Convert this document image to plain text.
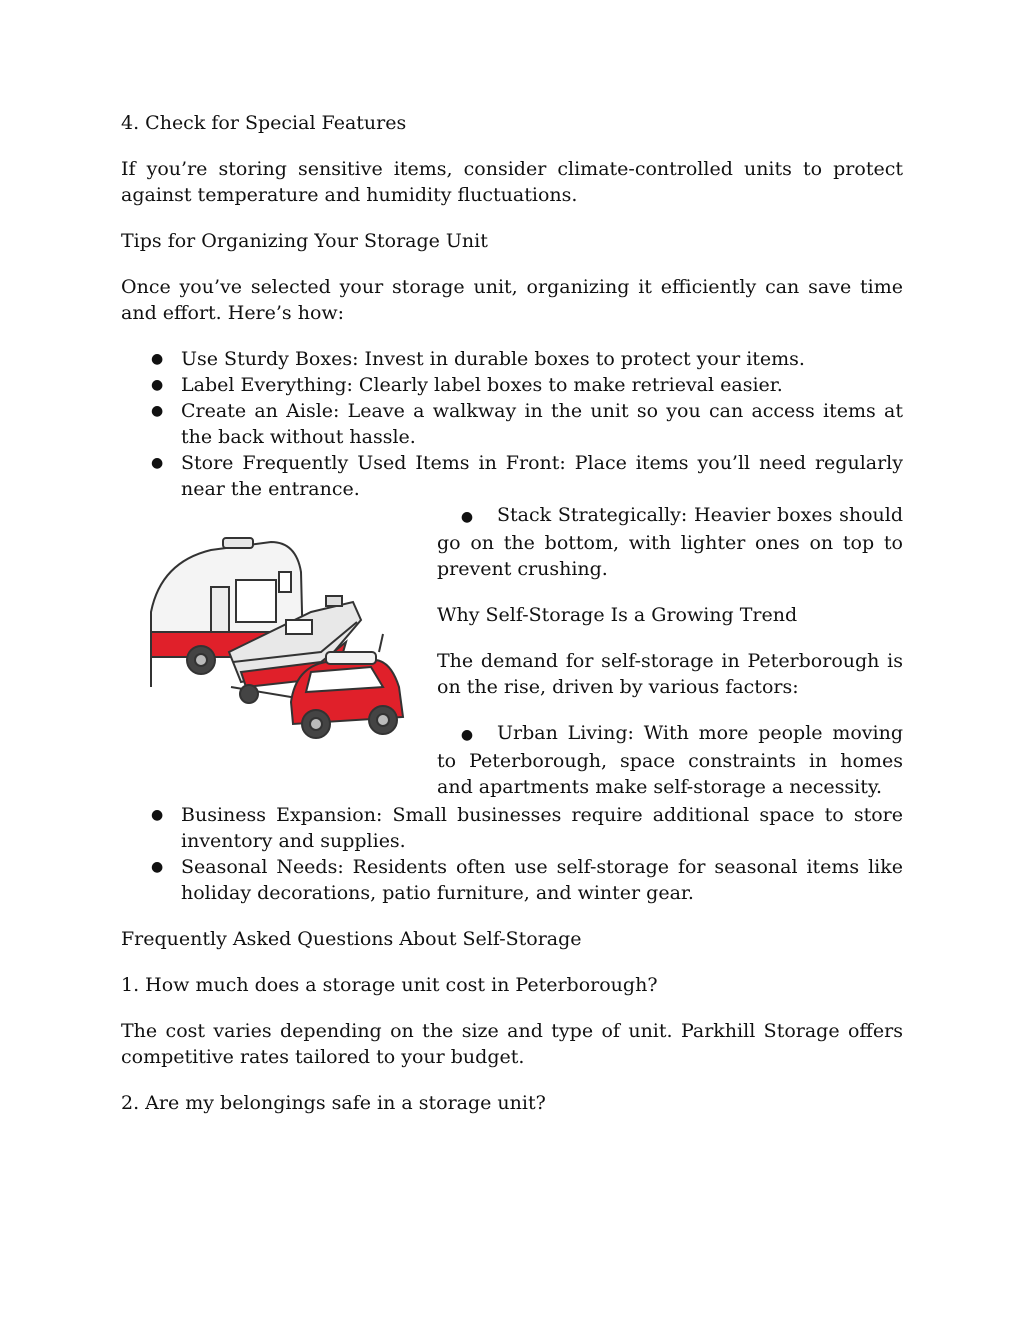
4. Check for Special Features

If you’re storing sensitive items, consider climate-controlled units to protect against temperature and humidity fluctuations.

Tips for Organizing Your Storage Unit

Once you’ve selected your storage unit, organizing it efficiently can save time and effort. Here’s how:

● Use Sturdy Boxes: Invest in durable boxes to protect your items.
● Label Everything: Clearly label boxes to make retrieval easier.
● Create an Aisle: Leave a walkway in the unit so you can access items at the back without hassle.
● Store Frequently Used Items in Front: Place items you’ll need regularly near the entrance.

● Stack Strategically: Heavier boxes should go on the bottom, with lighter ones on top to prevent crushing.

Why Self-Storage Is a Growing Trend

The demand for self-storage in Peterborough is on the rise, driven by various factors:

● Urban Living: With more people moving to Peterborough, space constraints in homes and apartments make self-storage a necessity.

● Business Expansion: Small businesses require additional space to store inventory and supplies.
● Seasonal Needs: Residents often use self-storage for seasonal items like holiday decorations, patio furniture, and winter gear.

Frequently Asked Questions About Self-Storage

1. How much does a storage unit cost in Peterborough?

The cost varies depending on the size and type of unit. Parkhill Storage offers competitive rates tailored to your budget.

2. Are my belongings safe in a storage unit?
